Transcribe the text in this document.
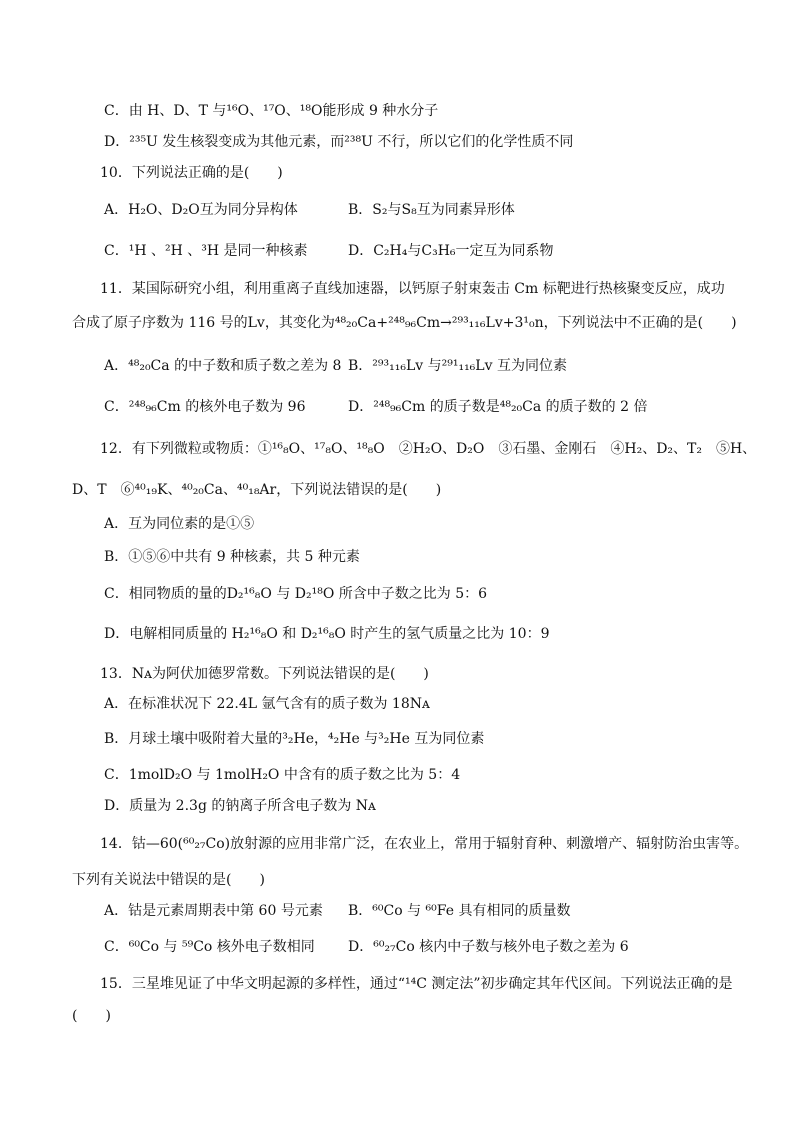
C．由 H、D、T 与¹⁶O、¹⁷O、¹⁸O能形成 9 种水分子
D．²³⁵U 发生核裂变成为其他元素，而²³⁸U 不行，所以它们的化学性质不同
10．下列说法正确的是(　　)
A．H₂O、D₂O互为同分异构体	B．S₂与S₈互为同素异形体
C．¹H 、²H 、³H 是同一种核素	D．C₂H₄与C₃H₆一定互为同系物
11．某国际研究小组，利用重离子直线加速器，以钙原子射束轰击 Cm 标靶进行热核聚变反应，成功
合成了原子序数为 116 号的Lv，其变化为⁴⁸₂₀Ca+²⁴⁸₉₆Cm→²⁹³₁₁₆Lv+3¹₀n，下列说法中不正确的是(　　)
A．⁴⁸₂₀Ca 的中子数和质子数之差为 8 B．²⁹³₁₁₆Lv 与²⁹¹₁₁₆Lv 互为同位素
C．²⁴⁸₉₆Cm 的核外电子数为 96	D．²⁴⁸₉₆Cm 的质子数是⁴⁸₂₀Ca 的质子数的 2 倍
12．有下列微粒或物质：①¹⁶₈O、¹⁷₈O、¹⁸₈O　②H₂O、D₂O　③石墨、金刚石　④H₂、D₂、T₂　⑤H、
D、T　⑥⁴⁰₁₉K、⁴⁰₂₀Ca、⁴⁰₁₈Ar，下列说法错误的是(　　)
A．互为同位素的是①⑤
B．①⑤⑥中共有 9 种核素，共 5 种元素
C．相同物质的量的D₂¹⁶₈O 与 D₂¹⁸O 所含中子数之比为 5：6
D．电解相同质量的 H₂¹⁶₈O 和 D₂¹⁶₈O 时产生的氢气质量之比为 10：9
13．Nᴀ为阿伏加德罗常数。下列说法错误的是(　　)
A．在标准状况下 22.4L 氩气含有的质子数为 18Nᴀ
B．月球土壤中吸附着大量的³₂He，⁴₂He 与³₂He 互为同位素
C．1molD₂O 与 1molH₂O 中含有的质子数之比为 5：4
D．质量为 2.3g 的钠离子所含电子数为 Nᴀ
14．钴—60(⁶⁰₂₇Co)放射源的应用非常广泛，在农业上，常用于辐射育种、刺激增产、辐射防治虫害等。
下列有关说法中错误的是(　　)
A．钴是元素周期表中第 60 号元素 B．⁶⁰Co 与 ⁶⁰Fe 具有相同的质量数
C．⁶⁰Co 与 ⁵⁹Co 核外电子数相同 D．⁶⁰₂₇Co 核内中子数与核外电子数之差为 6
15．三星堆见证了中华文明起源的多样性，通过“¹⁴C 测定法”初步确定其年代区间。下列说法正确的是
(　　)
